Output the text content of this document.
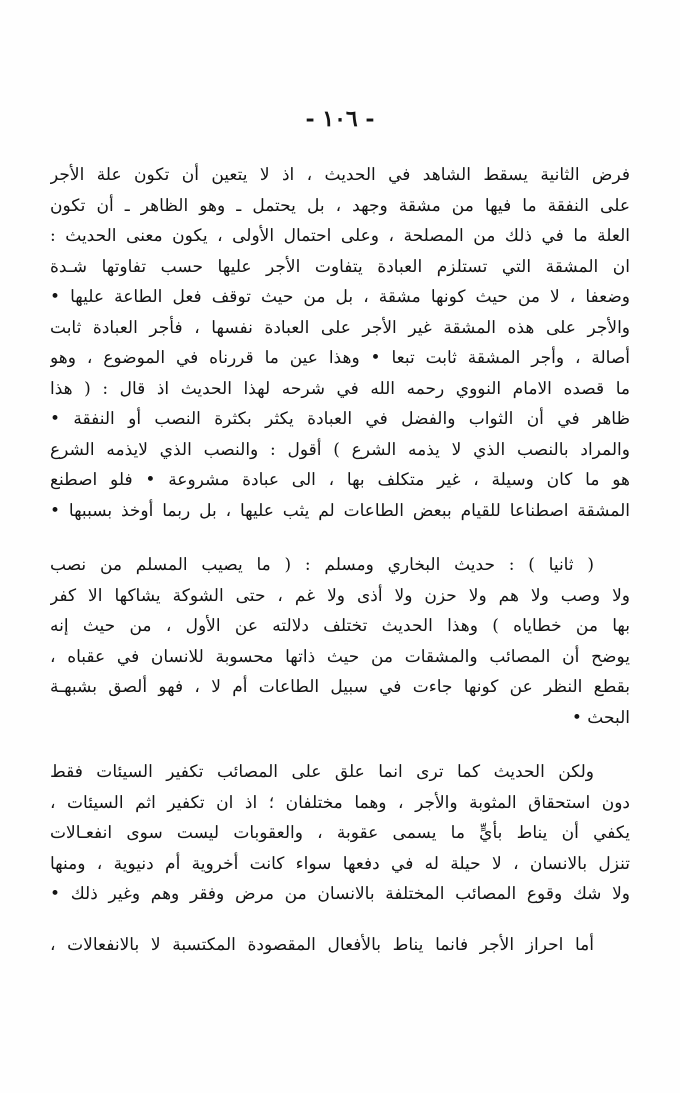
- ١٠٦ -
فرض الثانية يسقط الشاهد في الحديث ، اذ لا يتعين أن تكون علة الأجر
على النفقة ما فيها من مشقة وجهد ، بل يحتمل ـ وهو الظاهر ـ أن تكون
العلة ما في ذلك من المصلحة ، وعلى احتمال الأولى ، يكون معنى الحديث :
ان المشقة التي تستلزم العبادة يتفاوت الأجر عليها حسب تفاوتها شـدة
وضعفا ، لا من حيث كونها مشقة ، بل من حيث توقف فعل الطاعة عليها •
والأجر على هذه المشقة غير الأجر على العبادة نفسها ، فأجر العبادة ثابت
أصالة ، وأجر المشقة ثابت تبعا • وهذا عين ما قررناه في الموضوع ، وهو
ما قصده الامام النووي رحمه الله في شرحه لهذا الحديث اذ قال : ( هذا
ظاهر في أن الثواب والفضل في العبادة يكثر بكثرة النصب أو النفقة •
والمراد بالنصب الذي لا يذمه الشرع ) أقول : والنصب الذي لايذمه الشرع
هو ما كان وسيلة ، غير متكلف بها ، الى عبادة مشروعة • فلو اصطنع
المشقة اصطناعا للقيام ببعض الطاعات لم يثب عليها ، بل ربما أوخذ بسببها •
( ثانيا ) : حديث البخاري ومسلم : ( ما يصيب المسلم من نصب
ولا وصب ولا هم ولا حزن ولا أذى ولا غم ، حتى الشوكة يشاكها الا كفر
بها من خطاياه ) وهذا الحديث تختلف دلالته عن الأول ، من حيث إنه
يوضح أن المصائب والمشقات من حيث ذاتها محسوبة للانسان في عقباه ،
بقطع النظر عن كونها جاءت في سبيل الطاعات أم لا ، فهو ألصق بشبهـة
البحث •
ولكن الحديث كما ترى انما علق على المصائب تكفير السيئات فقط
دون استحقاق المثوبة والأجر ، وهما مختلفان ؛ اذ ان تكفير اثم السيئات ،
يكفي أن يناط بأيٍّ ما يسمى عقوبة ، والعقوبات ليست سوى انفعـالات
تنزل بالانسان ، لا حيلة له في دفعها سواء كانت أخروية أم دنيوية ، ومنها
ولا شك وقوع المصائب المختلفة بالانسان من مرض وفقر وهم وغير ذلك •
أما احراز الأجر فانما يناط بالأفعال المقصودة المكتسبة لا بالانفعالات ،
